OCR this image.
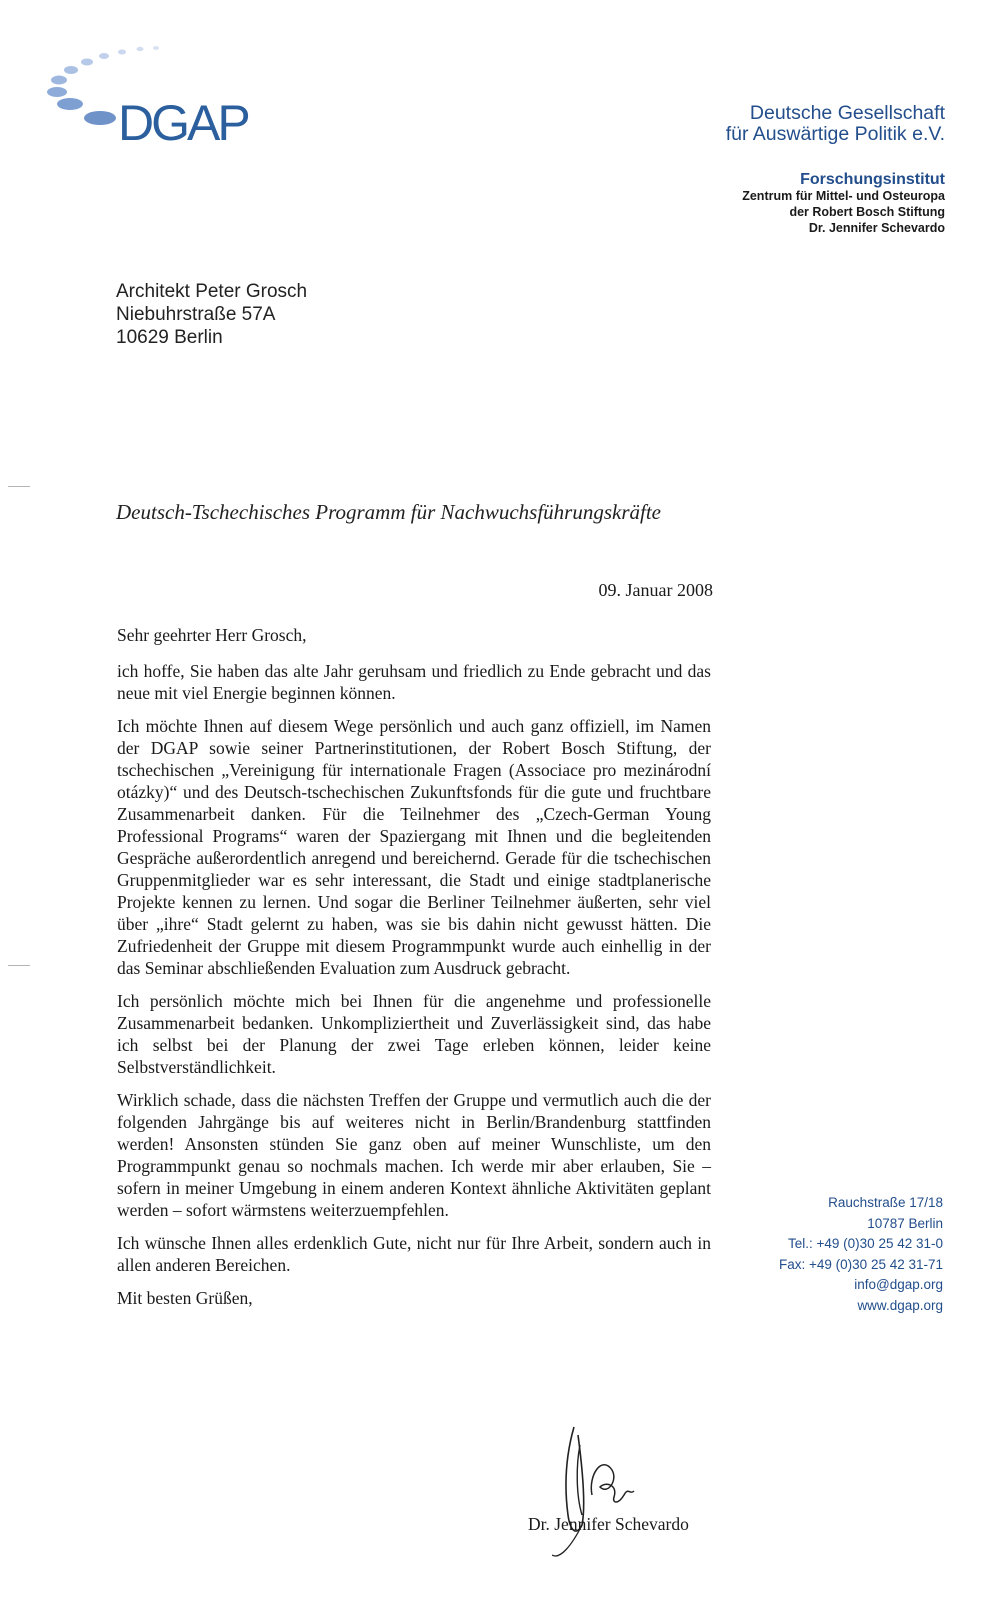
DGAP	Deutsche Gesellschaft
für Auswärtige Politik e.V.
Forschungsinstitut
Zentrum für Mittel- und Osteuropa
der Robert Bosch Stiftung
Dr. Jennifer Schevardo
Architekt Peter Grosch
Niebuhrstraße 57A
10629 Berlin
Deutsch-Tschechisches Programm für Nachwuchsführungskräfte
09. Januar 2008

Sehr geehrter Herr Grosch,

ich hoffe, Sie haben das alte Jahr geruhsam und friedlich zu Ende gebracht und das neue mit viel Energie beginnen können.

Ich möchte Ihnen auf diesem Wege persönlich und auch ganz offiziell, im Namen der DGAP sowie seiner Partnerinstitutionen, der Robert Bosch Stiftung, der tschechischen „Vereinigung für internationale Fragen (Associace pro mezinárodní otázky)“ und des Deutsch-tschechischen Zukunftsfonds für die gute und fruchtbare Zusammenarbeit danken. Für die Teilnehmer des „Czech-German Young Professional Programs“ waren der Spaziergang mit Ihnen und die begleitenden Gespräche außerordentlich anregend und bereichernd. Gerade für die tschechischen Gruppenmitglieder war es sehr interessant, die Stadt und einige stadtplanerische Projekte kennen zu lernen. Und sogar die Berliner Teilnehmer äußerten, sehr viel über „ihre“ Stadt gelernt zu haben, was sie bis dahin nicht gewusst hätten. Die Zufriedenheit der Gruppe mit diesem Programmpunkt wurde auch einhellig in der das Seminar abschließenden Evaluation zum Ausdruck gebracht.

Ich persönlich möchte mich bei Ihnen für die angenehme und professionelle Zusammenarbeit bedanken. Unkompliziertheit und Zuverlässigkeit sind, das habe ich selbst bei der Planung der zwei Tage erleben können, leider keine Selbstverständlichkeit.

Wirklich schade, dass die nächsten Treffen der Gruppe und vermutlich auch die der folgenden Jahrgänge bis auf weiteres nicht in Berlin/Brandenburg stattfinden werden! Ansonsten stünden Sie ganz oben auf meiner Wunschliste, um den Programmpunkt genau so nochmals machen. Ich werde mir aber erlauben, Sie – sofern in meiner Umgebung in einem anderen Kontext ähnliche Aktivitäten geplant werden – sofort wärmstens weiterzuempfehlen.

Ich wünsche Ihnen alles erdenklich Gute, nicht nur für Ihre Arbeit, sondern auch in allen anderen Bereichen.

Mit besten Grüßen,

Rauchstraße 17/18
10787 Berlin
Tel.: +49 (0)30 25 42 31-0
Fax: +49 (0)30 25 42 31-71
info@dgap.org
www.dgap.org
Dr. Jennifer Schevardo
